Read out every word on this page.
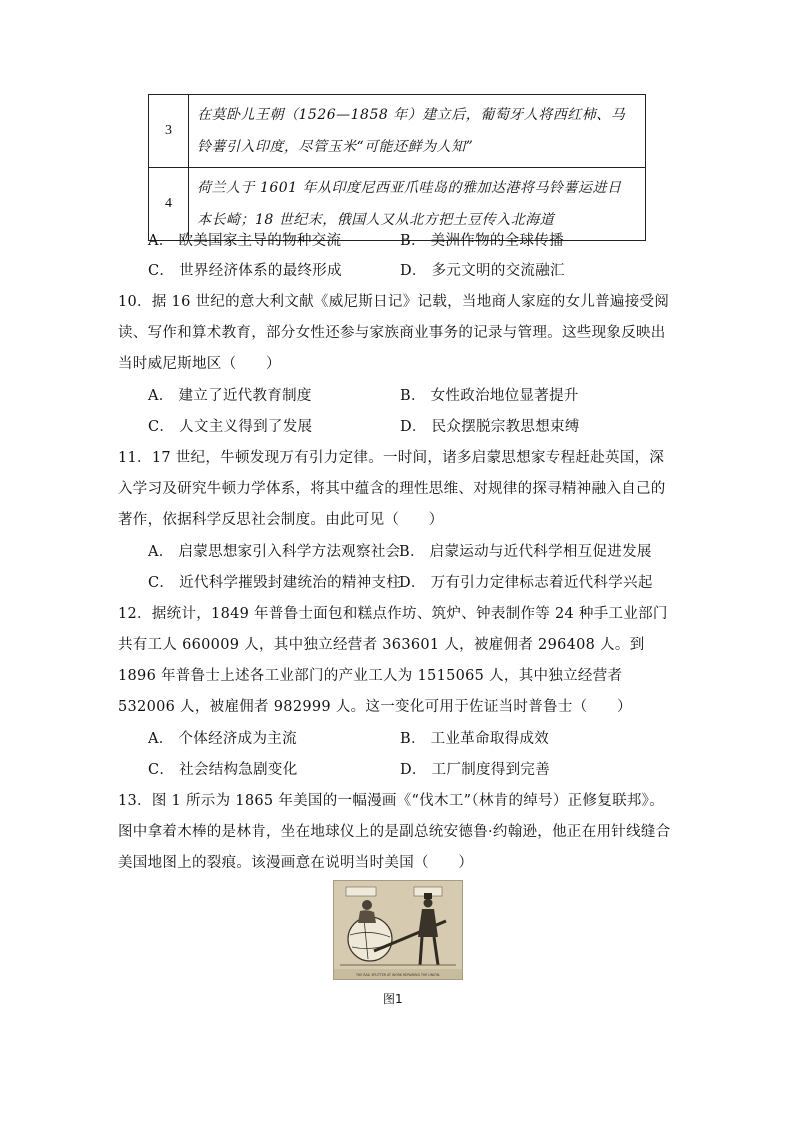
3	在莫卧儿王朝（1526—1858 年）建立后，葡萄牙人将西红柿、马铃薯引入印度，尽管玉米“可能还鲜为人知”
4	荷兰人于 1601 年从印度尼西亚爪哇岛的雅加达港将马铃薯运进日本长崎；18 世纪末，俄国人又从北方把土豆传入北海道
A． 欧美国家主导的物种交流	B． 美洲作物的全球传播
C． 世界经济体系的最终形成	D． 多元文明的交流融汇
10．据 16 世纪的意大利文献《威尼斯日记》记载，当地商人家庭的女儿普遍接受阅读、写作和算术教育，部分女性还参与家族商业事务的记录与管理。这些现象反映出当时威尼斯地区（　　）
A． 建立了近代教育制度	B． 女性政治地位显著提升
C． 人文主义得到了发展	D． 民众摆脱宗教思想束缚
11．17 世纪，牛顿发现万有引力定律。一时间，诸多启蒙思想家专程赶赴英国，深入学习及研究牛顿力学体系，将其中蕴含的理性思维、对规律的探寻精神融入自己的著作，依据科学反思社会制度。由此可见（　　）
A． 启蒙思想家引入科学方法观察社会
B． 启蒙运动与近代科学相互促进发展
C． 近代科学摧毁封建统治的精神支柱
D． 万有引力定律标志着近代科学兴起
12．据统计，1849 年普鲁士面包和糕点作坊、筑炉、钟表制作等 24 种手工业部门共有工人 660009 人，其中独立经营者 363601 人，被雇佣者 296408 人。到 1896 年普鲁士上述各工业部门的产业工人为 1515065 人，其中独立经营者 532006 人，被雇佣者 982999 人。这一变化可用于佐证当时普鲁士（　　）
A． 个体经济成为主流	B． 工业革命取得成效
C． 社会结构急剧变化	D． 工厂制度得到完善
13．图 1 所示为 1865 年美国的一幅漫画《“伐木工”（林肯的绰号）正修复联邦》。图中拿着木棒的是林肯，坐在地球仪上的是副总统安德鲁·约翰逊，他正在用针线缝合美国地图上的裂痕。该漫画意在说明当时美国（　　）
THE RAIL SPLITTER AT WORK REPAIRING THE UNION.
图1
